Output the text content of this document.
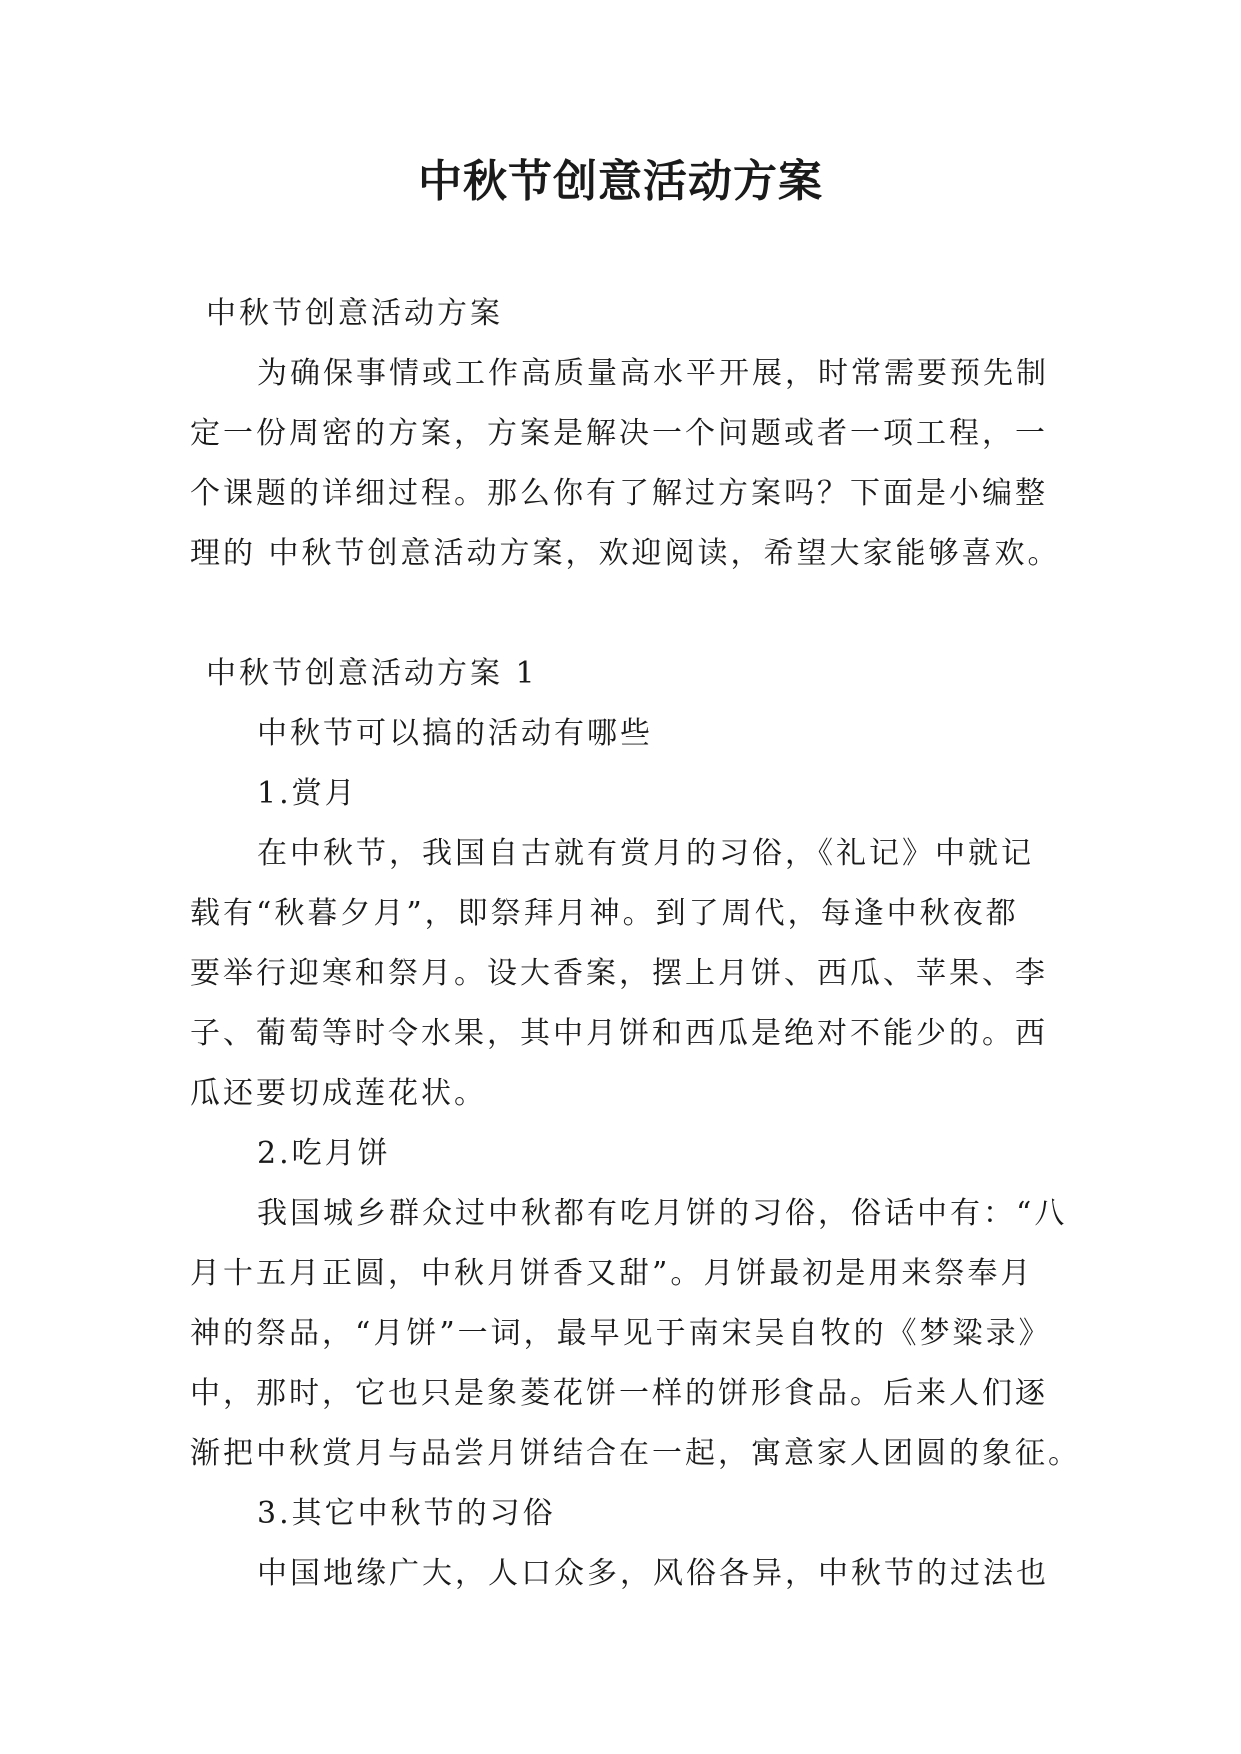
中秋节创意活动方案
中秋节创意活动方案
为确保事情或工作高质量高水平开展，时常需要预先制
定一份周密的方案，方案是解决一个问题或者一项工程，一
个课题的详细过程。那么你有了解过方案吗？下面是小编整
理的 中秋节创意活动方案，欢迎阅读，希望大家能够喜欢。
中秋节创意活动方案 1
中秋节可以搞的活动有哪些
1.赏月
在中秋节，我国自古就有赏月的习俗，《礼记》中就记
载有“秋暮夕月”，即祭拜月神。到了周代，每逢中秋夜都
要举行迎寒和祭月。设大香案，摆上月饼、西瓜、苹果、李
子、葡萄等时令水果，其中月饼和西瓜是绝对不能少的。西
瓜还要切成莲花状。
2.吃月饼
我国城乡群众过中秋都有吃月饼的习俗，俗话中有：“八
月十五月正圆，中秋月饼香又甜”。月饼最初是用来祭奉月
神的祭品，“月饼”一词，最早见于南宋吴自牧的《梦粱录》
中，那时，它也只是象菱花饼一样的饼形食品。后来人们逐
渐把中秋赏月与品尝月饼结合在一起，寓意家人团圆的象征。
3.其它中秋节的习俗
中国地缘广大，人口众多，风俗各异，中秋节的过法也
